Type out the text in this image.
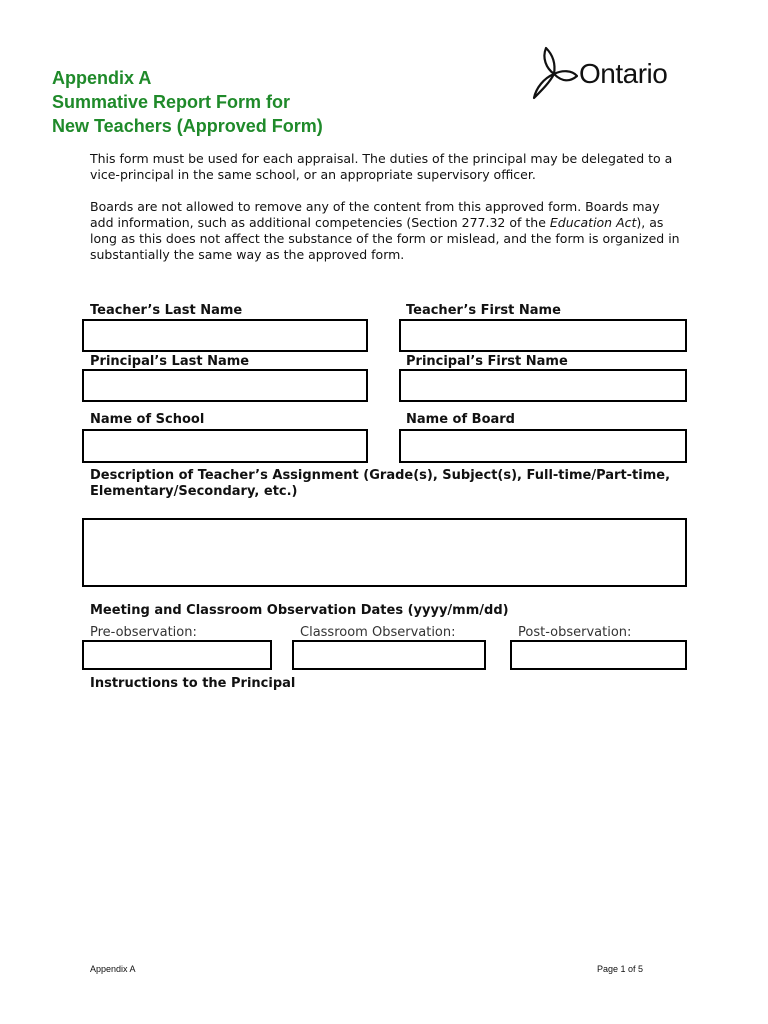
Appendix A
Summative Report Form for
New Teachers (Approved Form)
Ontario

This form must be used for each appraisal. The duties of the principal may be delegated to a vice-principal in the same school, or an appropriate supervisory officer.

Boards are not allowed to remove any of the content from this approved form. Boards may add information, such as additional competencies (Section 277.32 of the Education Act), as long as this does not affect the substance of the form or mislead, and the form is organized in substantially the same way as the approved form.

Teacher’s Last Name	Teacher’s First Name
Principal’s Last Name	Principal’s First Name
Name of School	Name of Board
Description of Teacher’s Assignment (Grade(s), Subject(s), Full-time/Part-time, Elementary/Secondary, etc.)
Meeting and Classroom Observation Dates (yyyy/mm/dd)
Pre-observation:	Classroom Observation:	Post-observation:
Instructions to the Principal
Appendix A	Page 1 of 5
